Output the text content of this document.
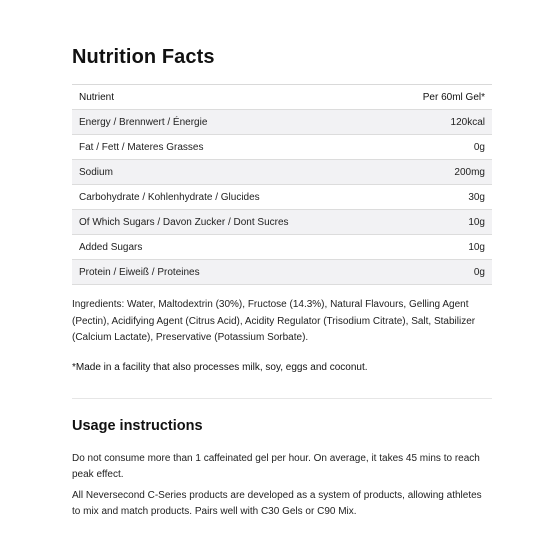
Nutrition Facts
Nutrient	Per 60ml Gel*
Energy / Brennwert / Énergie	120kcal
Fat / Fett / Materes Grasses	0g
Sodium	200mg
Carbohydrate / Kohlenhydrate / Glucides	30g
Of Which Sugars / Davon Zucker / Dont Sucres	10g
Added Sugars	10g
Protein / Eiweiß / Proteines	0g
Ingredients: Water, Maltodextrin (30%), Fructose (14.3%), Natural Flavours, Gelling Agent (Pectin), Acidifying Agent (Citrus Acid), Acidity Regulator (Trisodium Citrate), Salt, Stabilizer (Calcium Lactate), Preservative (Potassium Sorbate).
*Made in a facility that also processes milk, soy, eggs and coconut.
Usage instructions
Do not consume more than 1 caffeinated gel per hour. On average, it takes 45 mins to reach peak effect.
All Neversecond C-Series products are developed as a system of products, allowing athletes to mix and match products. Pairs well with C30 Gels or C90 Mix.
